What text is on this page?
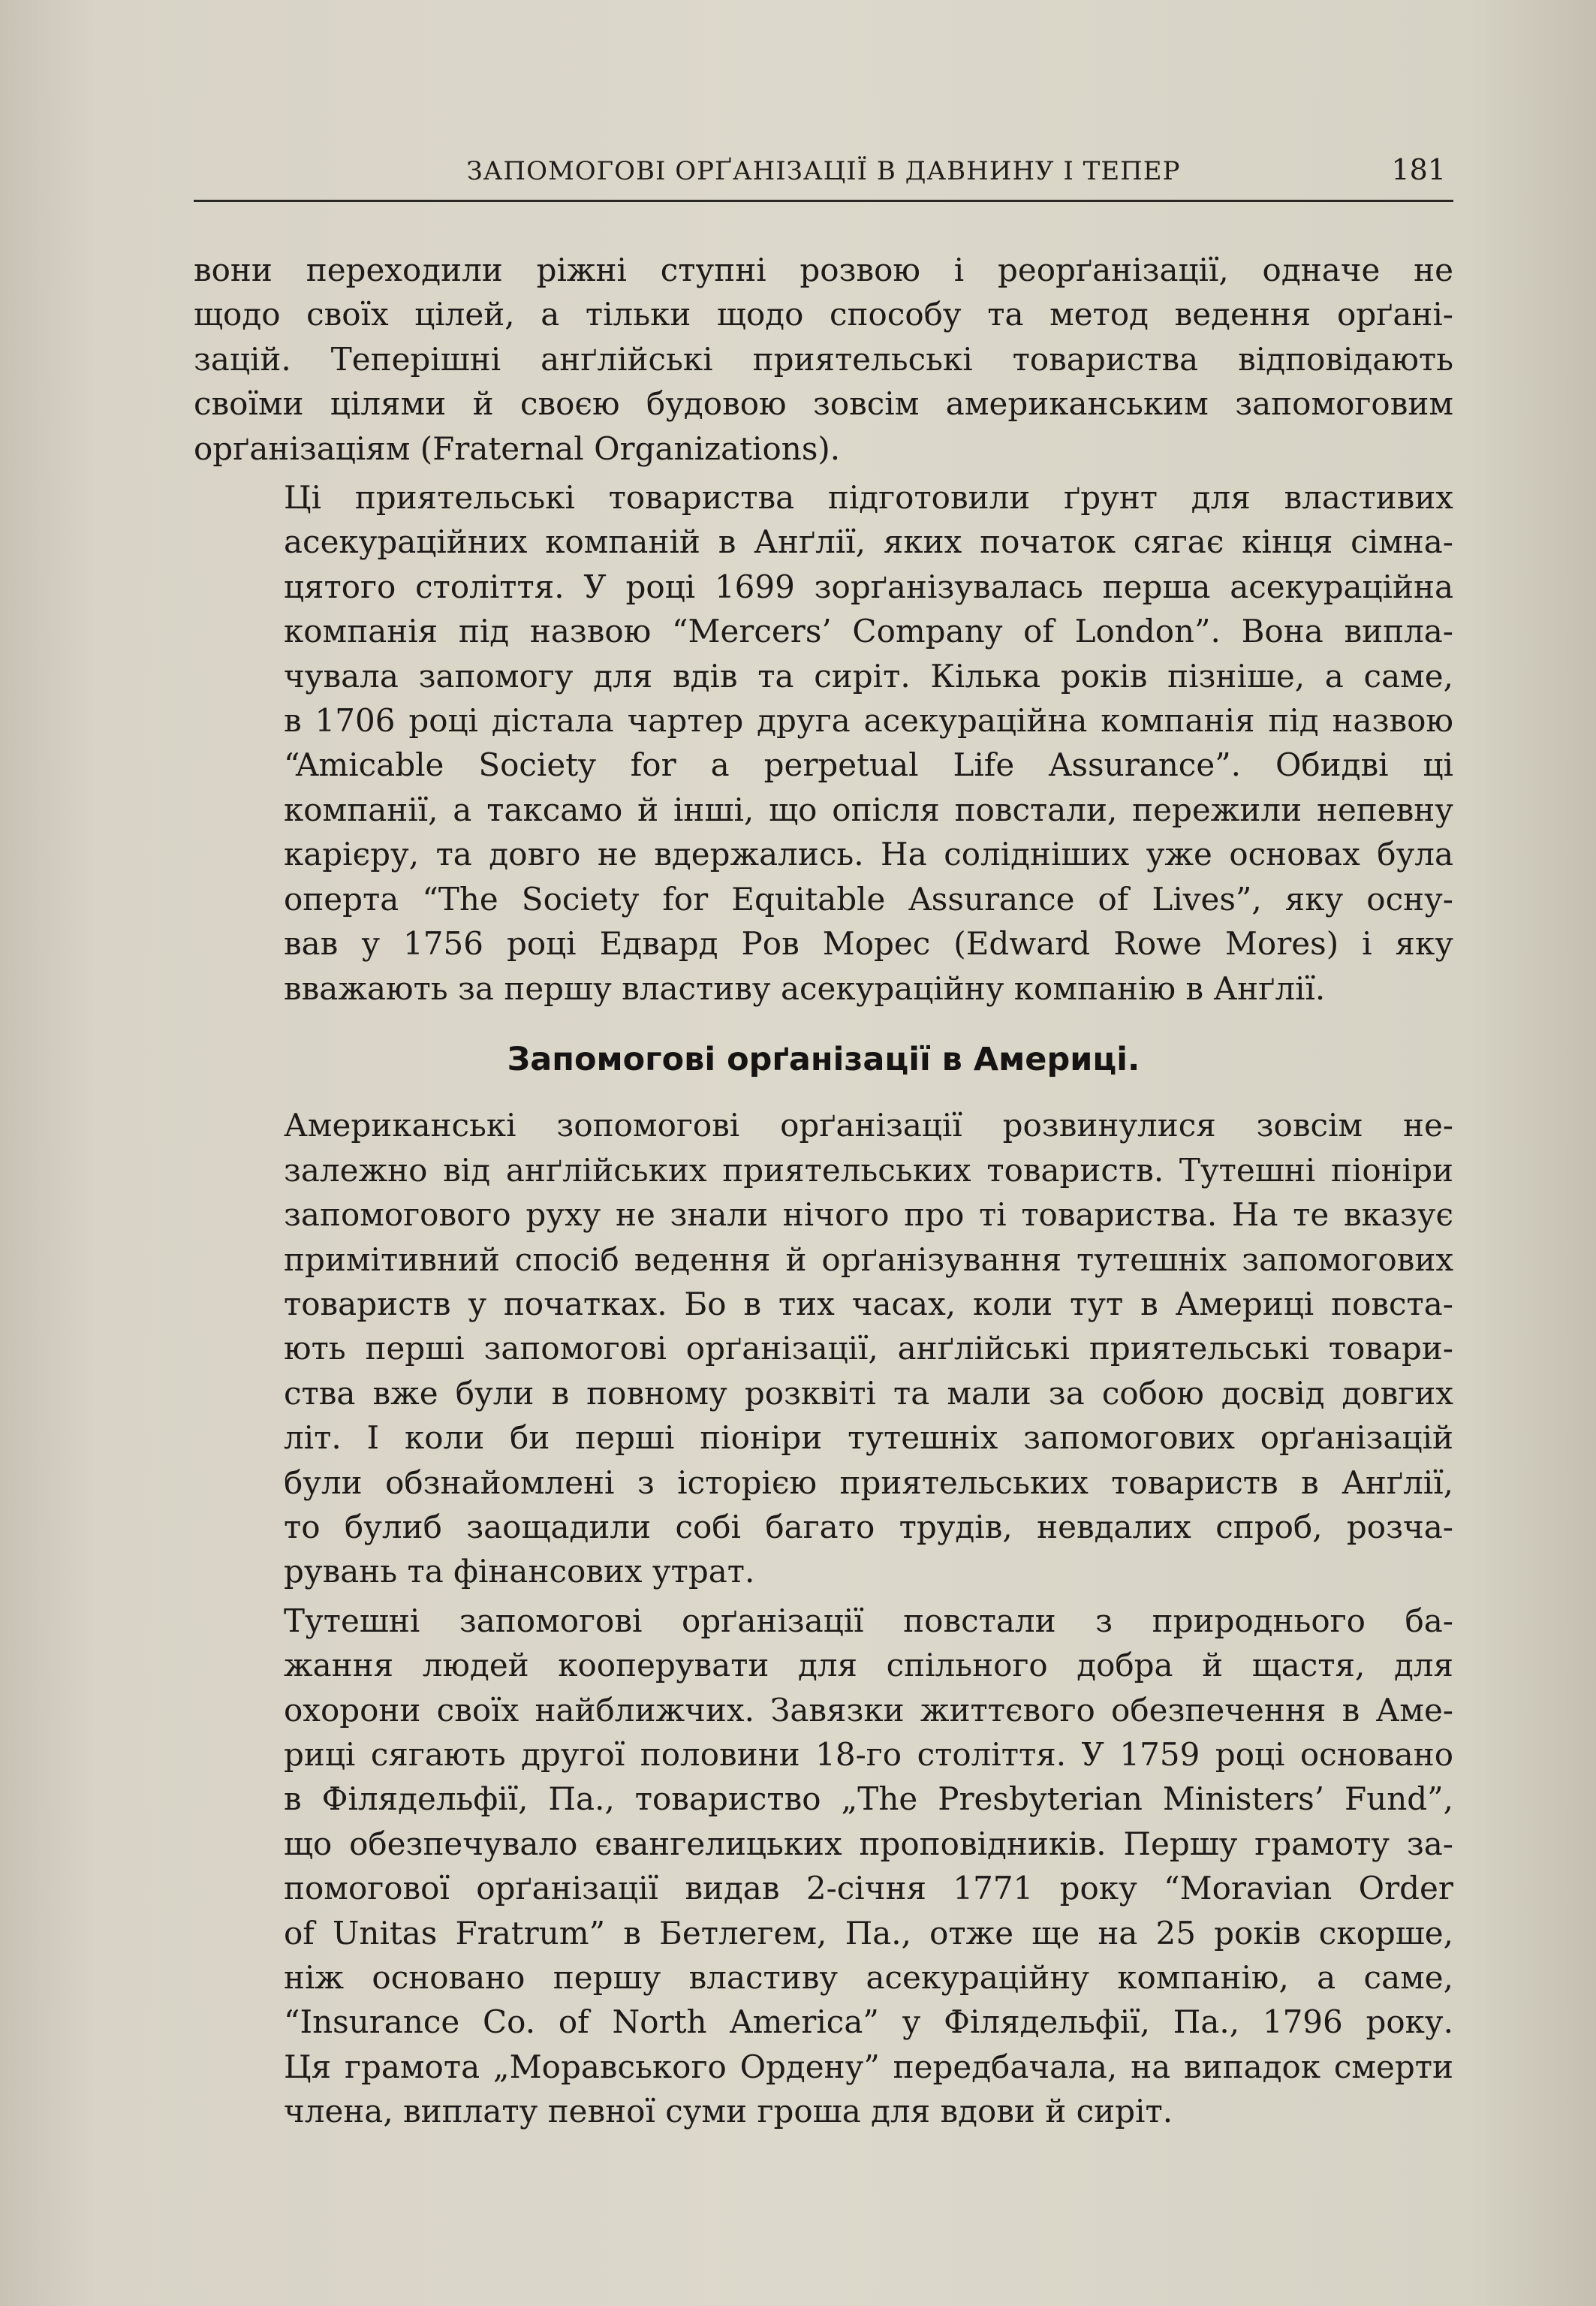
ЗАПОМОГОВІ ОРҐАНІЗАЦІЇ В ДАВНИНУ І ТЕПЕР	181
вони переходили ріжні ступні розвою і реорґанізації, одначе не
щодо своїх цілей, а тільки щодо способу та метод ведення орґані-
зацій. Теперішні анґлійські приятельські товариства відповідають
своїми цілями й своєю будовою зовсім американським запомоговим
орґанізаціям (Fraternal Organizations).
Ці приятельські товариства підготовили ґрунт для властивих
асекураційних компаній в Анґлії, яких початок сягає кінця сімна-
цятого століття. У році 1699 зорґанізувалась перша асекураційна
компанія під назвою “Mercers’ Company of London”. Вона випла-
чувала запомогу для вдів та сиріт. Кілька років пізніше, а саме,
в 1706 році дістала чартер друга асекураційна компанія під назвою
“Amicable Society for a perpetual Life Assurance”. Обидві ці
компанії, а таксамо й інші, що опісля повстали, пережили непевну
карієру, та довго не вдержались. На солідніших уже основах була
оперта “The Society for Equitable Assurance of Lives”, яку осну-
вав у 1756 році Едвард Ров Морес (Edward Rowe Mores) і яку
вважають за першу властиву асекураційну компанію в Анґлії.
Запомогові орґанізації в Америці.
Американські зопомогові орґанізації розвинулися зовсім не-
залежно від анґлійських приятельських товариств. Тутешні піоніри
запомогового руху не знали нічого про ті товариства. На те вказує
примітивний спосіб ведення й орґанізування тутешніх запомогових
товариств у початках. Бо в тих часах, коли тут в Америці повста-
ють перші запомогові орґанізації, анґлійські приятельські товари-
ства вже були в повному розквіті та мали за собою досвід довгих
літ. І коли би перші піоніри тутешніх запомогових орґанізацій
були обзнайомлені з історією приятельських товариств в Анґлії,
то булиб заощадили собі багато трудів, невдалих спроб, розча-
рувань та фінансових утрат.
Тутешні запомогові орґанізації повстали з природнього ба-
жання людей кооперувати для спільного добра й щастя, для
охорони своїх найближчих. Завязки життєвого обезпечення в Аме-
риці сягають другої половини 18-го століття. У 1759 році основано
в Філядельфії, Па., товариство „The Presbyterian Ministers’ Fund”,
що обезпечувало євангелицьких проповідників. Першу грамоту за-
помогової орґанізації видав 2-січня 1771 року “Moravian Order
of Unitas Fratrum” в Бетлегем, Па., отже ще на 25 років скорше,
ніж основано першу властиву асекураційну компанію, а саме,
“Insurance Co. of North America” у Філядельфії, Па., 1796 року.
Ця грамота „Моравського Ордену” передбачала, на випадок смерти
члена, виплату певної суми гроша для вдови й сиріт.
